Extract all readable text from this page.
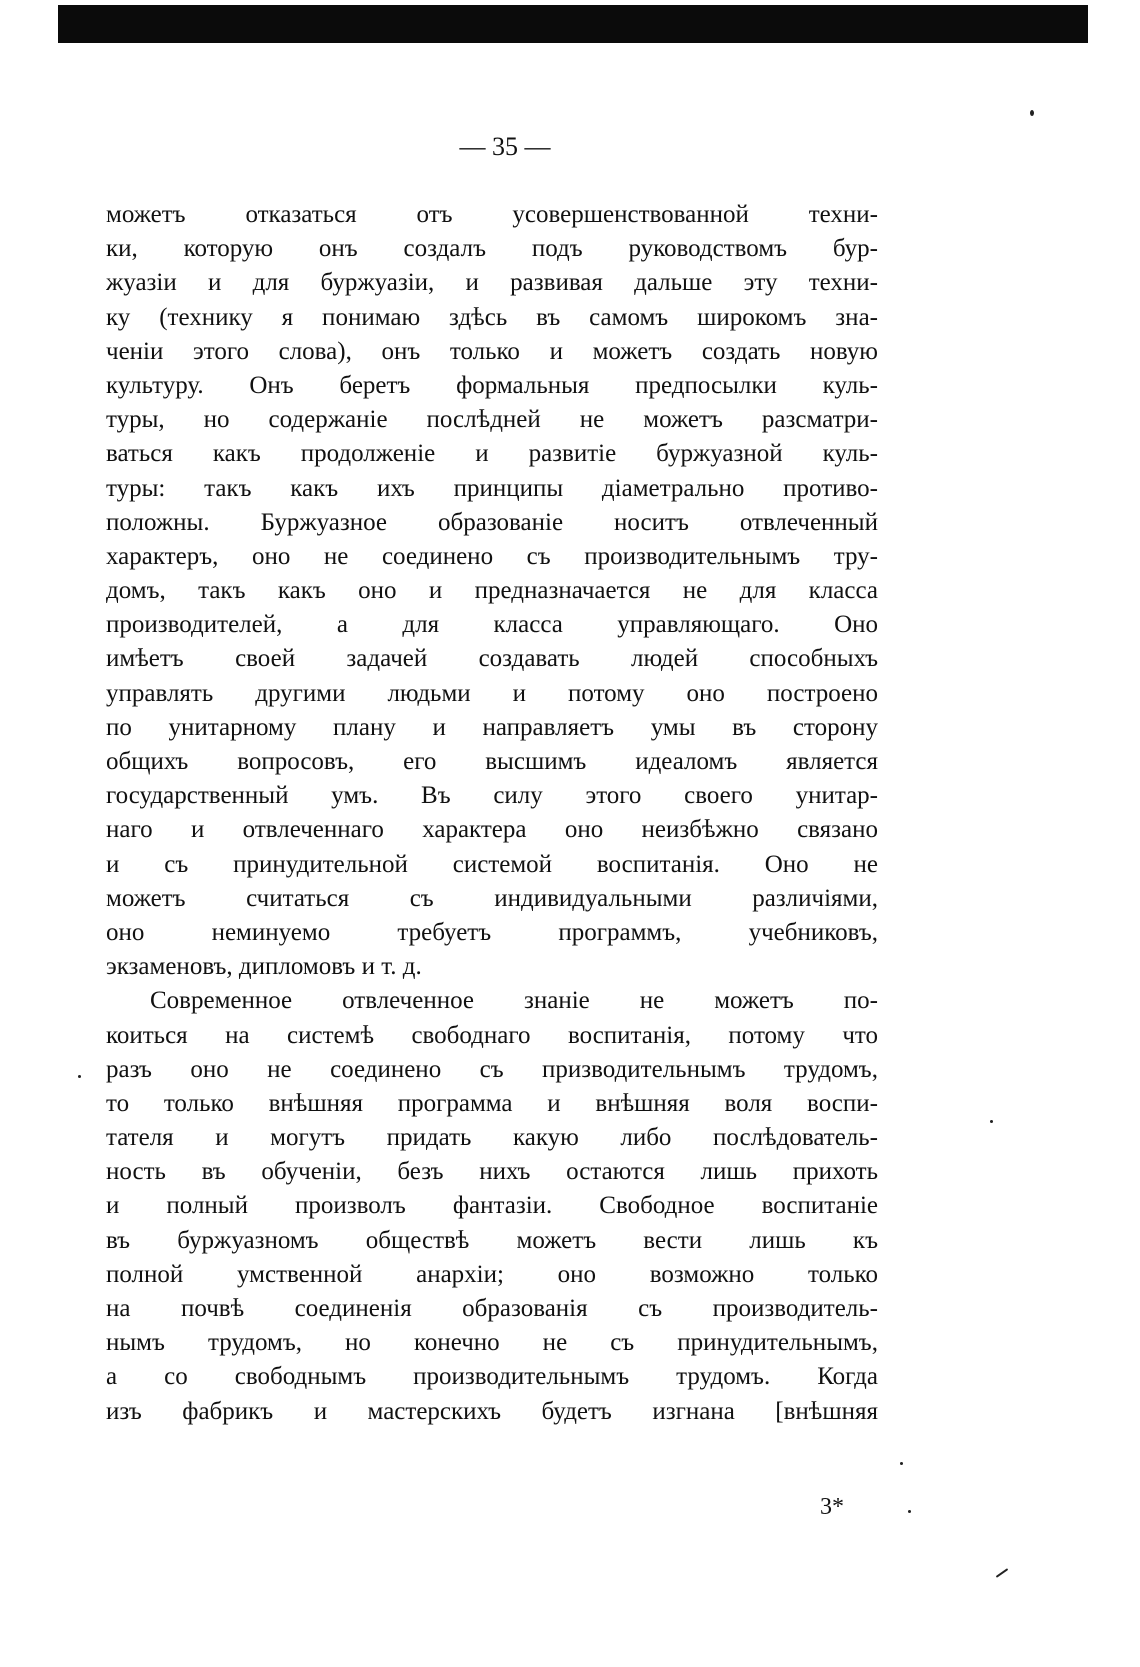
— 35 —
можетъ отказаться отъ усовершенствованной техни-
ки, которую онъ создалъ подъ руководствомъ бур-
жуазіи и для буржуазіи, и развивая дальше эту техни-
ку (технику я понимаю здѣсь въ самомъ широкомъ зна-
ченіи этого слова), онъ только и можетъ создать новую
культуру. Онъ беретъ формальныя предпосылки куль-
туры, но содержаніе послѣдней не можетъ разсматри-
ваться какъ продолженіе и развитіе буржуазной куль-
туры: такъ какъ ихъ принципы діаметрально противо-
положны. Буржуазное образованіе носитъ отвлеченный
характеръ, оно не соединено съ производительнымъ тру-
домъ, такъ какъ оно и предназначается не для класса
производителей, а для класса управляющаго. Оно
имѣетъ своей задачей создавать людей способныхъ
управлять другими людьми и потому оно построено
по унитарному плану и направляетъ умы въ сторону
общихъ вопросовъ, его высшимъ идеаломъ является
государственный умъ. Въ силу этого своего унитар-
наго и отвлеченнаго характера оно неизбѣжно связано
и съ принудительной системой воспитанія. Оно не
можетъ считаться съ индивидуальными различіями,
оно неминуемо требуетъ программъ, учебниковъ,
экзаменовъ, дипломовъ и т. д.
Современное отвлеченное знаніе не можетъ по-
коиться на системѣ свободнаго воспитанія, потому что
разъ оно не соединено съ призводительнымъ трудомъ,
то только внѣшняя программа и внѣшняя воля воспи-
тателя и могутъ придать какую либо послѣдователь-
ность въ обученіи, безъ нихъ остаются лишь прихоть
и полный произволъ фантазіи. Свободное воспитаніе
въ буржуазномъ обществѣ можетъ вести лишь къ
полной умственной анархіи; оно возможно только
на почвѣ соединенія образованія съ производитель-
нымъ трудомъ, но конечно не съ принудительнымъ,
а со свободнымъ производительнымъ трудомъ. Когда
изъ фабрикъ и мастерскихъ будетъ изгнана [внѣшняя
3*
